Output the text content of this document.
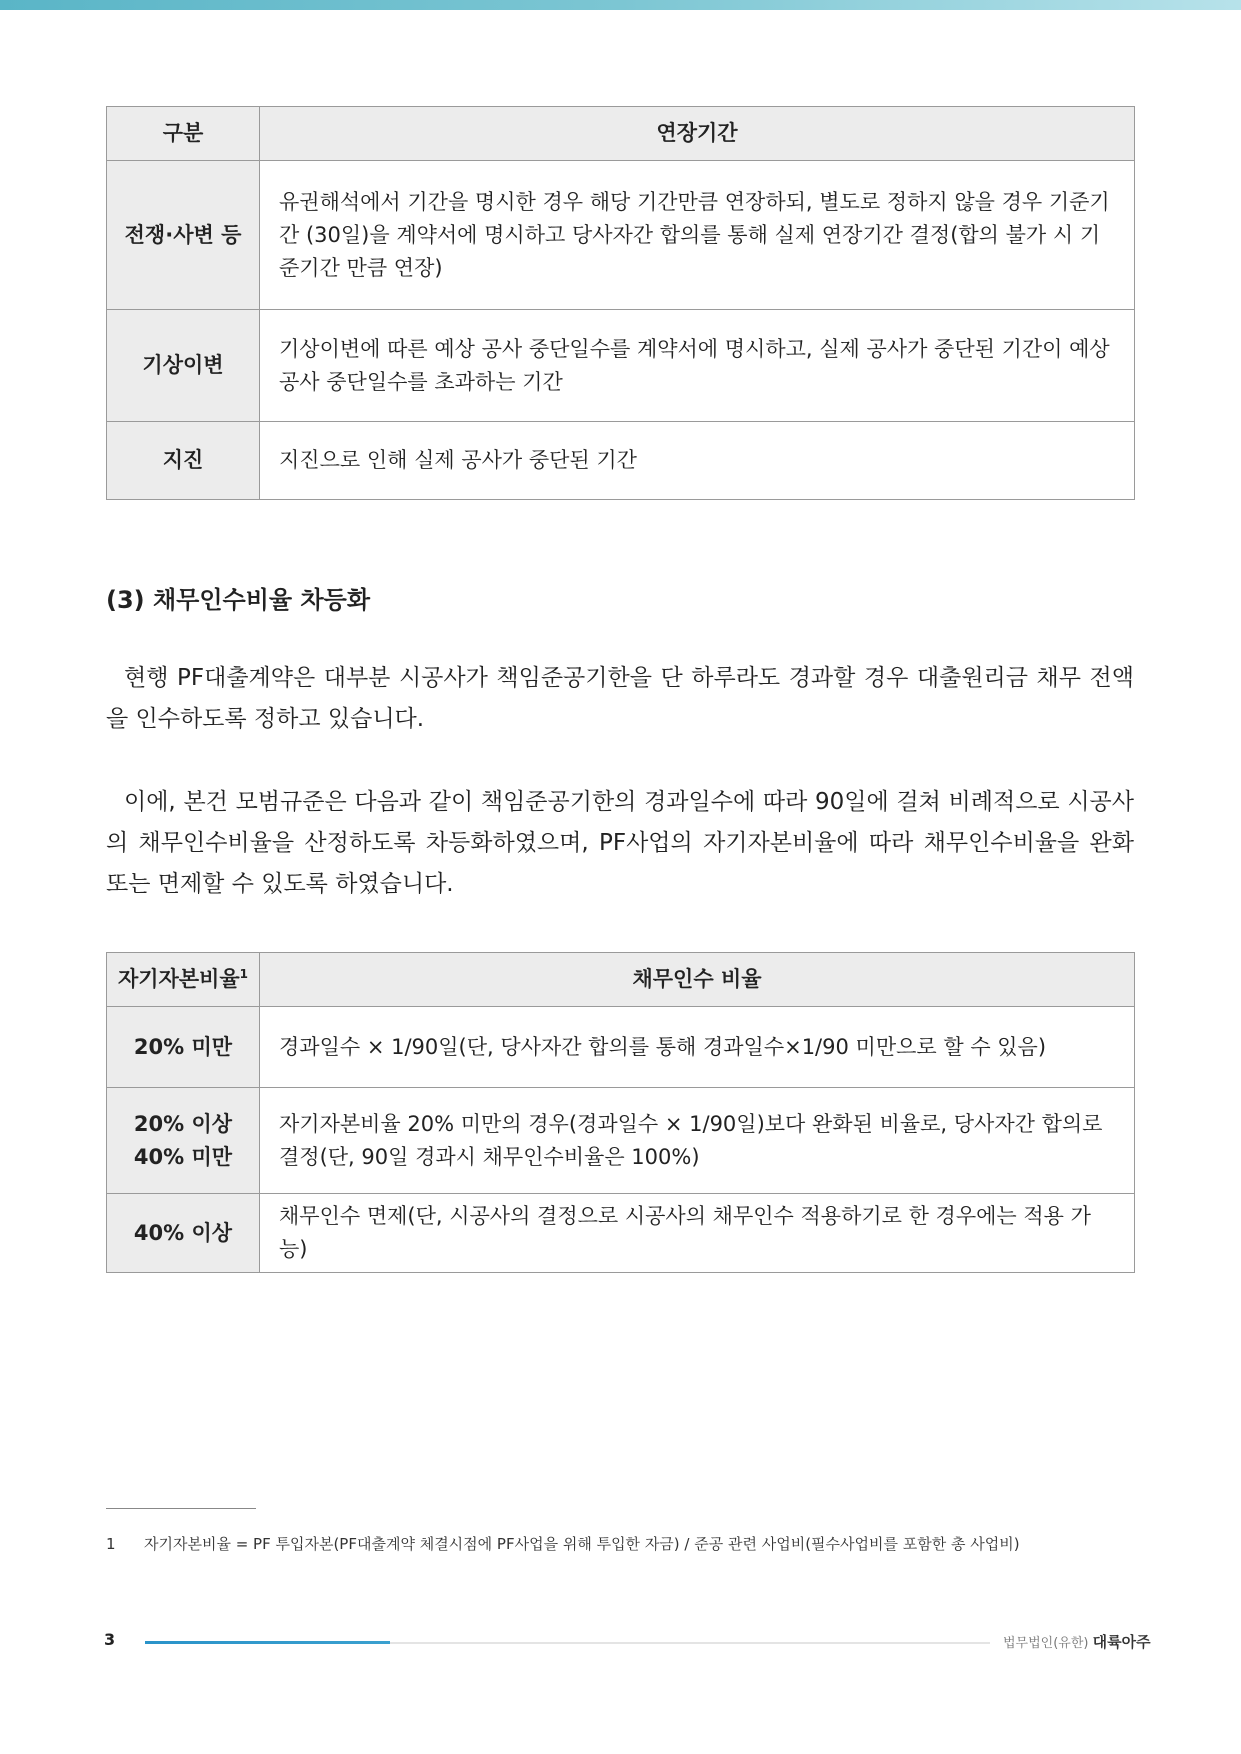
구분	연장기간
전쟁·사변 등	유권해석에서 기간을 명시한 경우 해당 기간만큼 연장하되, 별도로 정하지 않을 경우 기준기간 (30일)을 계약서에 명시하고 당사자간 합의를 통해 실제 연장기간 결정(합의 불가 시 기준기간 만큼 연장)
기상이변	기상이변에 따른 예상 공사 중단일수를 계약서에 명시하고, 실제 공사가 중단된 기간이 예상 공사 중단일수를 초과하는 기간
지진	지진으로 인해 실제 공사가 중단된 기간
(3) 채무인수비율 차등화

현행 PF대출계약은 대부분 시공사가 책임준공기한을 단 하루라도 경과할 경우 대출원리금 채무 전액을 인수하도록 정하고 있습니다.

이에, 본건 모범규준은 다음과 같이 책임준공기한의 경과일수에 따라 90일에 걸쳐 비례적으로 시공사의 채무인수비율을 산정하도록 차등화하였으며, PF사업의 자기자본비율에 따라 채무인수비율을 완화 또는 면제할 수 있도록 하였습니다.

자기자본비율$^1$	채무인수 비율
20% 미만	경과일수 × 1/90일(단, 당사자간 합의를 통해 경과일수×1/90 미만으로 할 수 있음)
20% 이상
40% 미만	자기자본비율 20% 미만의 경우(경과일수 × 1/90일)보다 완화된 비율로, 당사자간 합의로 결정(단, 90일 경과시 채무인수비율은 100%)
40% 이상	채무인수 면제(단, 시공사의 결정으로 시공사의 채무인수 적용하기로 한 경우에는 적용 가능)
1 자기자본비율 = PF 투입자본(PF대출계약 체결시점에 PF사업을 위해 투입한 자금) / 준공 관련 사업비(필수사업비를 포함한 총 사업비)
3	법무법인(유한) 대륙아주
